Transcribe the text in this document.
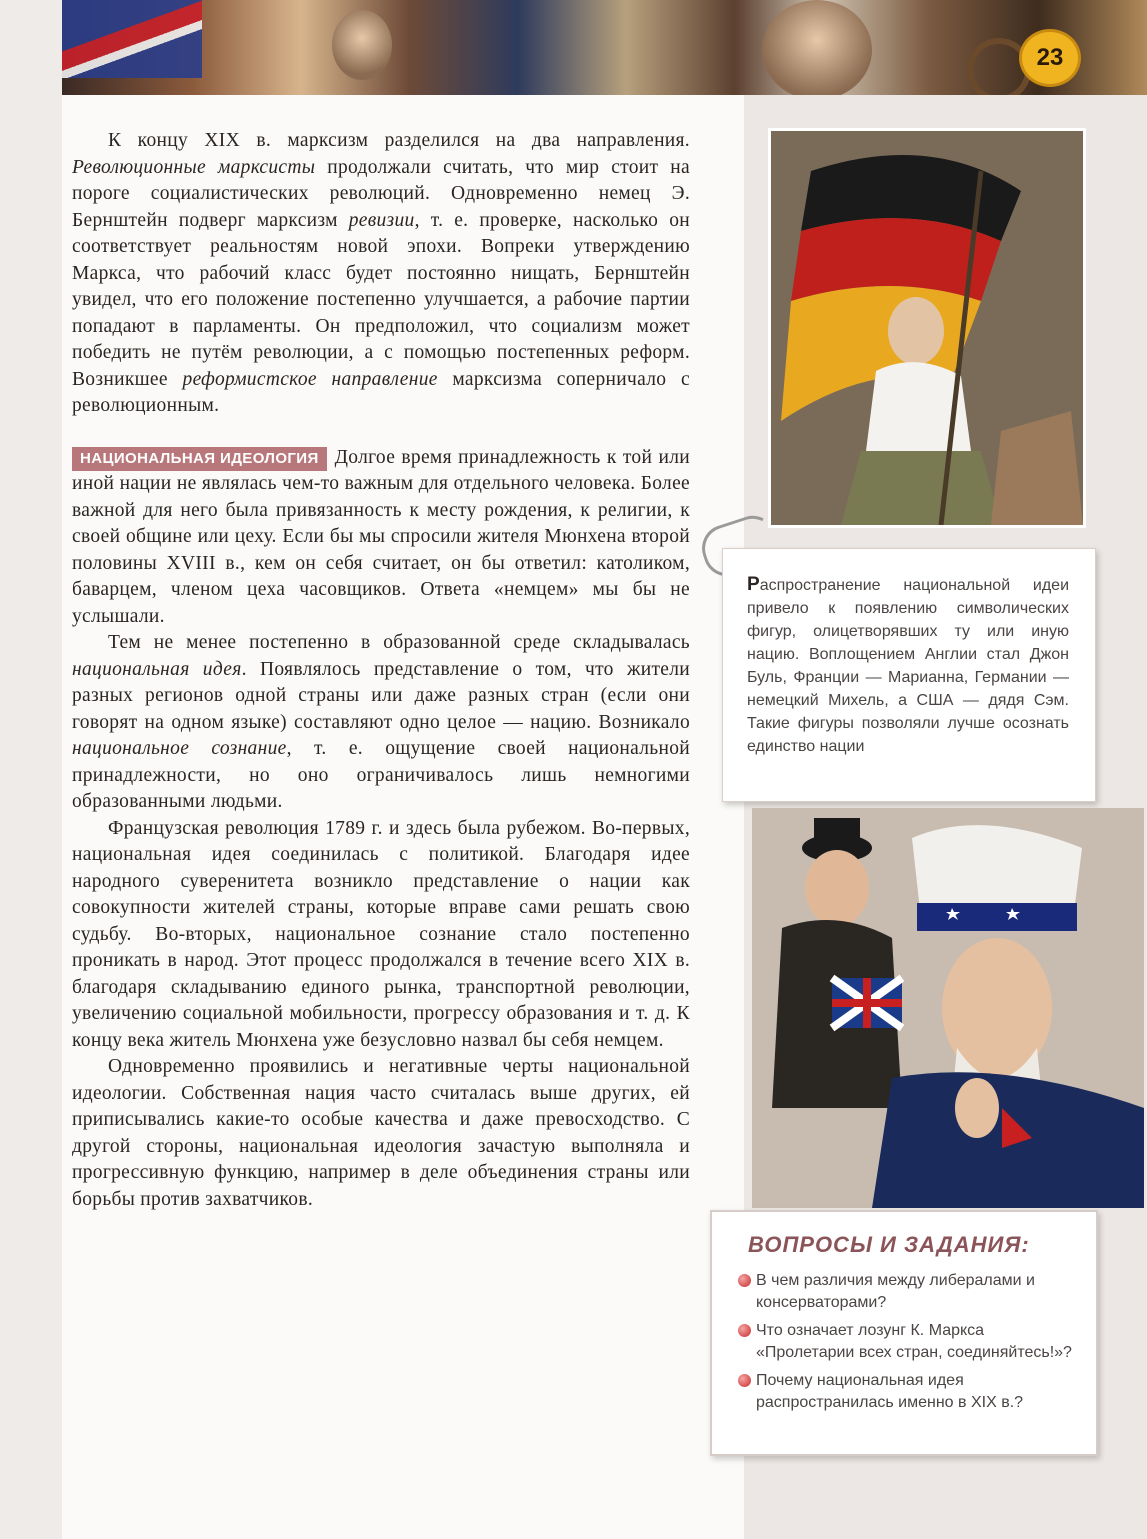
23

К концу XIX в. марксизм разделился на два направления. Революционные марксисты продолжали считать, что мир стоит на пороге социалистических революций. Одновременно немец Э. Бернштейн подверг марксизм ревизии, т. е. проверке, насколько он соответствует реальностям новой эпохи. Вопреки утверждению Маркса, что рабочий класс будет постоянно нищать, Бернштейн увидел, что его положение постепенно улучшается, а рабочие партии попадают в парламенты. Он предположил, что социализм может победить не путём революции, а с помощью постепенных реформ. Возникшее реформистское направление марксизма соперничало с революционным.

НАЦИОНАЛЬНАЯ ИДЕОЛОГИЯ Долгое время принадлежность к той или иной нации не являлась чем-то важным для отдельного человека. Более важной для него была привязанность к месту рождения, к религии, к своей общине или цеху. Если бы мы спросили жителя Мюнхена второй половины XVIII в., кем он себя считает, он бы ответил: католиком, баварцем, членом цеха часовщиков. Ответа «немцем» мы бы не услышали.

Тем не менее постепенно в образованной среде складывалась национальная идея. Появлялось представление о том, что жители разных регионов одной страны или даже разных стран (если они говорят на одном языке) составляют одно целое — нацию. Возникало национальное сознание, т. е. ощущение своей национальной принадлежности, но оно ограничивалось лишь немногими образованными людьми.

Французская революция 1789 г. и здесь была рубежом. Во-первых, национальная идея соединилась с политикой. Благодаря идее народного суверенитета возникло представление о нации как совокупности жителей страны, которые вправе сами решать свою судьбу. Во-вторых, национальное сознание стало постепенно проникать в народ. Этот процесс продолжался в течение всего XIX в. благодаря складыванию единого рынка, транспортной революции, увеличению социальной мобильности, прогрессу образования и т. д. К концу века житель Мюнхена уже безусловно назвал бы себя немцем.

Одновременно проявились и негативные черты национальной идеологии. Собственная нация часто считалась выше других, ей приписывались какие-то особые качества и даже превосходство. С другой стороны, национальная идеология зачастую выполняла и прогрессивную функцию, например в деле объединения страны или борьбы против захватчиков.

Распространение национальной идеи привело к появлению символических фигур, олицетворявших ту или иную нацию. Воплощением Англии стал Джон Буль, Франции — Марианна, Германии — немецкий Михель, а США — дядя Сэм. Такие фигуры позволяли лучше осознать единство нации
ВОПРОСЫ И ЗАДАНИЯ:
В чем различия между либералами и консерваторами?
Что означает лозунг К. Маркса «Пролетарии всех стран, соединяйтесь!»?
Почему национальная идея распространилась именно в XIX в.?
